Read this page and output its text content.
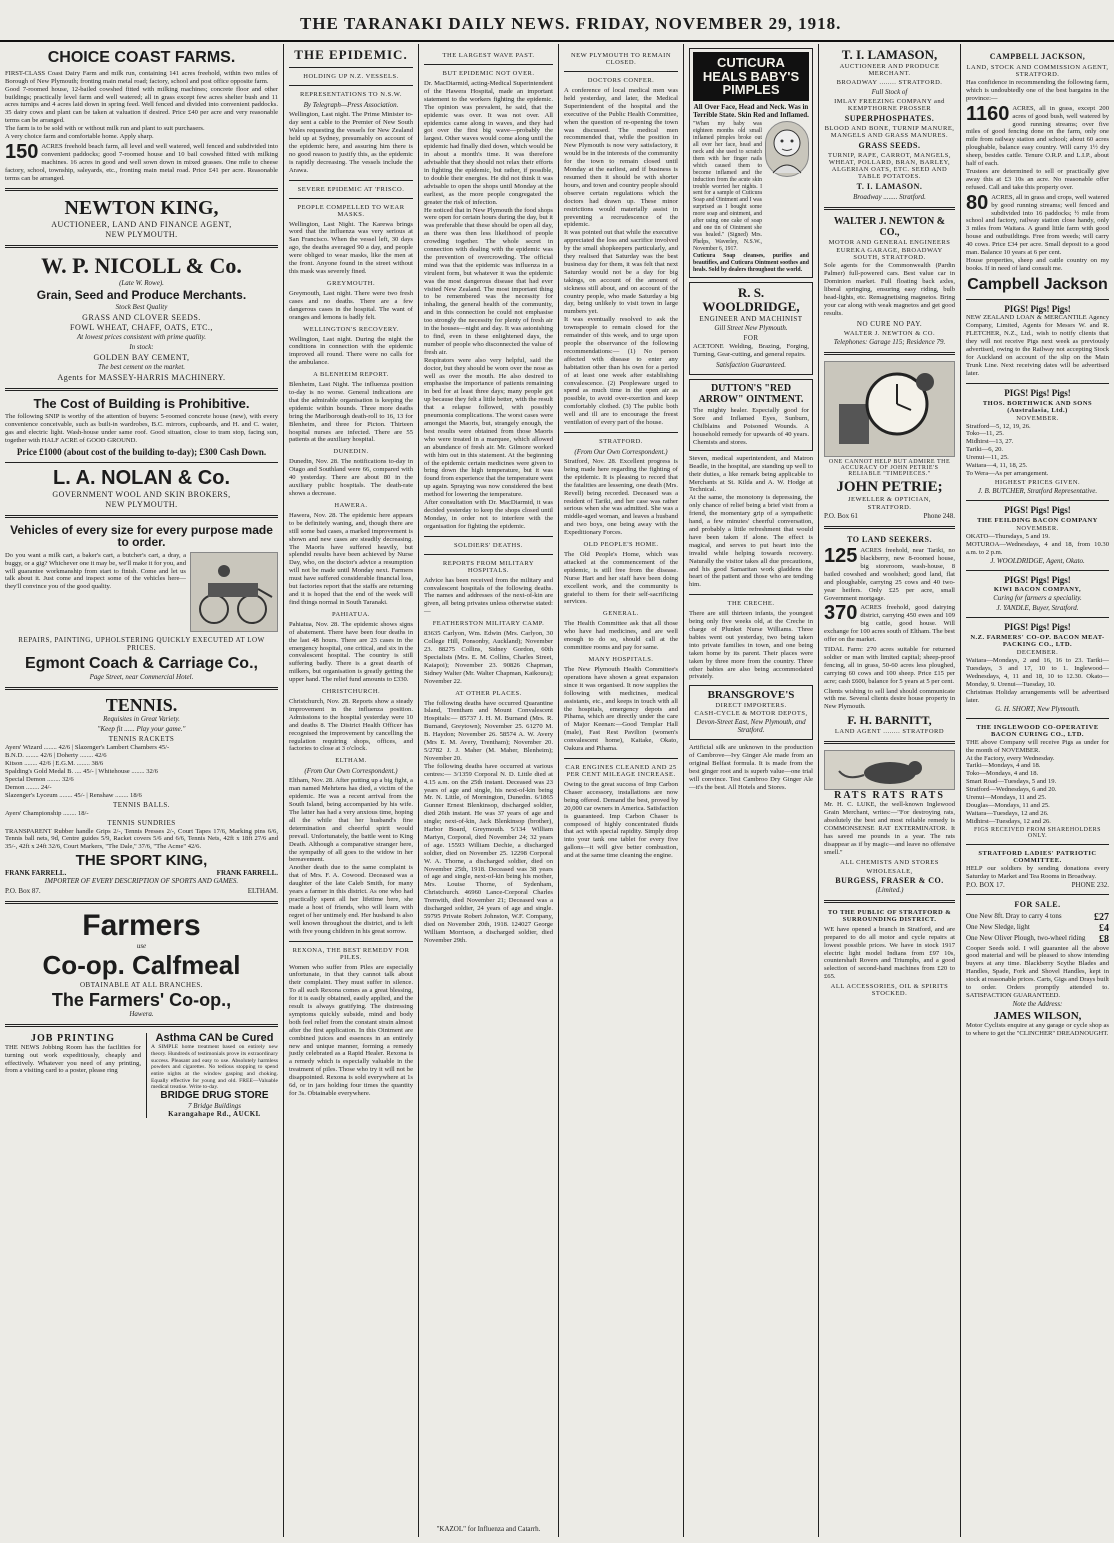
THE TARANAKI DAILY NEWS. FRIDAY, NOVEMBER 29, 1918.
CHOICE COAST FARMS.
FIRST-CLASS Coast Dairy Farm and milk run, containing 141 acres freehold, within two miles of Borough of New Plymouth; fronting main metal road; factory, school and post office opposite farm.
Good 7-roomed house, 12-bailed cowshed fitted with milking machines; concrete floor and other buildings; practically level farm and well watered; all in grass except few acres shelter bush and 11 acres turnips and 4 acres laid down in spring feed. Well fenced and divided into convenient paddocks. 35 dairy cows and plant can be taken at valuation if desired. Price £40 per acre and very reasonable terms can be arranged.
The farm is to be sold with or without milk run and plant to suit purchasers.
A very choice farm and comfortable home. Apply sharp.
150 ACRES freehold beach farm, all level and well watered, well fenced and subdivided into convenient paddocks; good 7-roomed house and 10 bail cowshed fitted with milking machines. 16 acres in good and well sown down in mixed grasses. One mile to cheese factory, school, township, saleyards, etc., fronting main metal road. Price £41 per acre. Reasonable terms can be arranged.
NEWTON KING,
AUCTIONEER, LAND AND FINANCE AGENT,
NEW PLYMOUTH.
W. P. NICOLL & Co.
(Late W. Rowe).
Grain, Seed and Produce Merchants.
Stock Best Quality
GRASS AND CLOVER SEEDS.
FOWL WHEAT, CHAFF, OATS, ETC.,
At lowest prices consistent with prime quality.
In stock:
GOLDEN BAY CEMENT,
The best cement on the market.
Agents for MASSEY-HARRIS MACHINERY.
The Cost of Building is Prohibitive.
The following SNIP is worthy of the attention of buyers: 5-roomed concrete house (new), with every convenience conceivable, such as built-in wardrobes, B.C. mirrors, cupboards, and H. and C. water, gas and electric light. Wash-house under same roof. Good situation, close to tram stop, facing sun, together with HALF ACRE of GOOD GROUND.
Price £1000 (about cost of the building to-day); £300 Cash Down.
L. A. NOLAN & Co.
GOVERNMENT WOOL AND SKIN BROKERS,
NEW PLYMOUTH.
Vehicles of every size for every purpose made to order.
Do you want a milk cart, a baker's cart, a butcher's cart, a dray, a buggy, or a gig? Whichever one it may be, we'll make it for you, and will guarantee workmanship from start to finish. Come and let us talk about it. Just come and inspect some of the vehicles here—they'll convince you of the good quality.
REPAIRS, PAINTING, UPHOLSTERING QUICKLY EXECUTED AT LOW PRICES.
Egmont Coach & Carriage Co.,
Page Street, near Commercial Hotel.
TENNIS.
Requisites in Great Variety.
"Keep fit ...... Play your game."
TENNIS RACKETS
Ayers' Wizard ........ 42/6 | Slazenger's Lambert Chambers 45/-
B.N.D. ........ 42/6 | Doherty ........ 42/6
Kitson ........ 42/6 | E.G.M. ........ 38/6
Spalding's Gold Medal B. .... 45/- | Whitehouse ........ 32/6
Special Demon ........ 32/6
Demon ........ 24/-
Slazenger's Lyceum ........ 45/- | Renshaw ........ 18/6
TENNIS BALLS.
Ayers' Championship ........ 18/-
TENNIS SUNDRIES
TRANSPARENT Rubber handle Grips 2/-, Tennis Presses 2/-, Court Tapes 17/6, Marking pins 6/6, Tennis ball nets, 9d, Centre guides 5/9, Racket covers 5/6 and 6/6, Tennis Nets, 42ft x 18ft 27/6 and 35/-, 42ft x 24ft 32/6, Court Markers, "The Dale," 37/6, "The Acme" 42/6.
THE SPORT KING,
FRANK FARRELL.	FRANK FARRELL.
IMPORTER OF EVERY DESCRIPTION OF SPORTS AND GAMES.
P.O. Box 87.	ELTHAM.
Farmers
use
Co-op. Calfmeal
OBTAINABLE AT ALL BRANCHES.
The Farmers' Co-op.,
Hawera.
JOB PRINTING
THE NEWS Jobbing Room has the facilities for turning out work expeditiously, cheaply and effectively. Whatever you need of any printing, from a visiting card to a poster, please ring
Asthma CAN be Cured
A SIMPLE home treatment based on entirely new theory. Hundreds of testimonials prove its extraordinary success. Pleasant and easy to use. Absolutely harmless powders and cigarettes. No tedious stopping to spend entire nights at the window gasping and choking. Equally effective for young and old. FREE—Valuable medical treatise. Write to-day.
BRIDGE DRUG STORE
7 Bridge Buildings
Karangahape Rd., AUCKL
THE EPIDEMIC.
HOLDING UP N.Z. VESSELS.
REPRESENTATIONS TO N.S.W.
By Telegraph—Press Association.
Wellington, Last night. The Prime Minister to-day sent a cable to the Premier of New South Wales requesting the vessels for New Zealand held up at Sydney, presumably on account of the epidemic here, and assuring him there is no good reason to justify this, as the epidemic is rapidly decreasing. The vessels include the Arawa.
SEVERE EPIDEMIC AT 'FRISCO.
PEOPLE COMPELLED TO WEAR MASKS.
Wellington, Last Night. The Karewa brings word that the influenza was very serious at San Francisco. When the vessel left, 30 days ago, the deaths averaged 90 a day, and people were obliged to wear masks, like the men at the front. Anyone found in the street without this mask was severely fined.
GREYMOUTH.
Greymouth, Last night. There were two fresh cases and no deaths. There are a few dangerous cases in the hospital. The want of oranges and lemons is badly felt.
WELLINGTON'S RECOVERY.
Wellington, Last night. During the night the conditions in connection with the epidemic improved all round. There were no calls for the ambulance.
A BLENHEIM REPORT.
Blenheim, Last Night. The influenza position to-day is no worse. General indications are that the admirable organisation is keeping the epidemic within bounds. Three more deaths bring the Marlborough death-roll to 16, 13 for Blenheim, and three for Picton. Thirteen hospital nurses are infected. There are 55 patients at the auxiliary hospital.
DUNEDIN.
Dunedin, Nov. 28. The notifications to-day in Otago and Southland were 66, compared with 40 yesterday. There are about 80 in the auxiliary public hospitals. The death-rate shows a decrease.
HAWERA.
Hawera, Nov. 28. The epidemic here appears to be definitely waning, and, though there are still some bad cases, a marked improvement is shown and new cases are steadily decreasing. The Maoris have suffered heavily, but splendid results have been achieved by Nurse Day, who, on the doctor's advice a resumption will not be made until Monday next. Farmers must have suffered considerable financial loss, but factories report that the staffs are returning and it is hoped that the end of the week will find things normal in South Taranaki.
PAHIATUA.
Pahiatua, Nov. 28. The epidemic shows signs of abatement. There have been four deaths in the last 48 hours. There are 23 cases in the emergency hospital, one critical, and six in the convalescent hospital. The country is still suffering badly. There is a great dearth of milkers, but organisation is greatly getting the upper hand. The relief fund amounts to £330.
CHRISTCHURCH.
Christchurch, Nov. 28. Reports show a steady improvement in the influenza position. Admissions to the hospital yesterday were 10 and deaths 8. The District Health Officer has recognised the improvement by cancelling the regulation requiring shops, offices, and factories to close at 3 o'clock.
ELTHAM.
(From Our Own Correspondent.)
Eltham, Nov. 28. After putting up a big fight, a man named Mehrtens has died, a victim of the epidemic. He was a recent arrival from the South Island, being accompanied by his wife. The latter has had a very anxious time, hoping all the while that her husband's fine determination and cheerful spirit would prevail. Unfortunately, the battle went to King Death. Although a comparative stranger here, the sympathy of all goes to the widow in her bereavement.
Another death due to the same complaint is that of Mrs. F. A. Cowood. Deceased was a daughter of the late Caleb Smith, for many years a farmer in this district. As one who had practically spent all her lifetime here, she made a host of friends, who will learn with regret of her untimely end. Her husband is also well known throughout the district, and is left with five young children in his great sorrow.
REXONA, THE BEST REMEDY FOR PILES.
Women who suffer from Piles are especially unfortunate, in that they cannot talk about their complaint. They must suffer in silence. To all such Rexona comes as a great blessing, for it is easily obtained, easily applied, and the result is always gratifying. The distressing symptoms quickly subside, mind and body both feel relief from the constant strain almost after the first application. In this Ointment are combined juices and essences in an entirely new and unique manner, forming a remedy justly celebrated as a Rapid Healer. Rexona is a remedy which is especially valuable in the treatment of piles. Those who try it will not be disappointed. Rexona is sold everywhere at 1s 6d, or in jars holding four times the quantity for 3s. Obtainable everywhere.
THE LARGEST WAVE PAST.
BUT EPIDEMIC NOT OVER.
Dr. MacDiarmid, acting-Medical Superintendent of the Hawera Hospital, made an important statement to the workers fighting the epidemic. The opinion was prevalent, he said, that the epidemic was over. It was not over. All epidemics came along in waves, and they had got over the first big wave—probably the largest. Other waves would come along until the epidemic had finally died down, which would be in about a month's time. It was therefore advisable that they should not relax their efforts in fighting the epidemic, but rather, if possible, to double their energies. He did not think it was advisable to open the shops until Monday at the earliest, as the more people congregated the greater the risk of infection.
He noticed that in New Plymouth the food shops were open for certain hours during the day, but it was preferable that these should be open all day, as there was then less likelihood of people crowding together. The whole secret in connection with dealing with the epidemic was the prevention of overcrowding. The official mind was that the epidemic was influenza in a virulent form, but whatever it was the epidemic was the most dangerous disease that had ever visited New Zealand. The most important thing to be remembered was the necessity for inhaling, the general health of the community, and in this connection he could not emphasise too strongly the necessity for plenty of fresh air in the houses—night and day. It was astonishing to find, even in these enlightened days, the number of people who disconnected the value of fresh air.
Respirators were also very helpful, said the doctor, but they should be worn over the nose as well as over the mouth. He also desired to emphasise the importance of patients remaining in bed for at least three days; many people got up because they felt a little better, with the result that a relapse followed, with possibly pneumonia complications. The worst cases were amongst the Maoris, but, strangely enough, the best results were obtained from those Maoris who were treated in a marquee, which allowed an abundance of fresh air. Mr. Gilmore worked with him out in this statement. At the beginning of the epidemic certain medicines were given to bring down the high temperature, but it was found from experience that the temperature went up again. Spraying was now considered the best method for lowering the temperature.
After consultation with Dr. MacDiarmid, it was decided yesterday to keep the shops closed until Monday, in order not to interfere with the organisation for fighting the epidemic.
SOLDIERS' DEATHS.
REPORTS FROM MILITARY HOSPITALS.
Advice has been received from the military and convalescent hospitals of the following deaths. The names and addresses of the next-of-kin are given, all being privates unless otherwise stated:—
FEATHERSTON MILITARY CAMP.
83635 Carlyon, Wm. Edwin (Mrs. Carlyon, 30 College Hill, Ponsonby, Auckland); November 23. 88275 Collins, Sidney Gordon, 60th Specialists (Mrs. E. M. Collins, Charles Street, Kaiapoi); November 23. 90826 Chapman, Sidney Walter (Mr. Walter Chapman, Kaikoura); November 22.
AT OTHER PLACES.
The following deaths have occurred Quarantine Island, Trentham and Mount Convalescent Hospitals:— 85737 J. H. M. Burnand (Mrs. R. Burnand, Greytown); November 25. 61270 M. B. Haydon; November 26. 58574 A. W. Avery (Mrs E. M. Avery, Trentham); November 20. 5/2782 J. J. Maher (M. Maher, Blenheim); November 20.
The following deaths have occurred at various centres:— 3/1359 Corporal N. D. Little died at 4.15 a.m. on the 25th instant. Deceased was 23 years of age and single, his next-of-kin being Mr. N. Little, of Mornington, Dunedin. 6/1865 Gunner Ernest Blenkinsop, discharged soldier, died 26th instant. He was 37 years of age and single; next-of-kin, Jack Blenkinsop (brother), Harbor Board, Greymouth. 5/134 William Martyn, Corporal, died November 24; 32 years of age. 15593 William Dechie, a discharged soldier, died on November 25. 12298 Corporal W. A. Thorne, a discharged soldier, died on November 25th, 1918. Deceased was 38 years of age and single, next-of-kin being his mother, Mrs. Louise Thorne, of Sydenham, Christchurch. 46960 Lance-Corporal Charles Trenwith, died November 21; Deceased was a discharged soldier, 24 years of age and single. 59795 Private Robert Johnston, W.F. Company, died on November 20th, 1918. 124027 George William Morrison, a discharged soldier, died November 29th.
"KAZOL" for Influenza and Catarrh.
NEW PLYMOUTH TO REMAIN CLOSED.
DOCTORS CONFER.
A conference of local medical men was held yesterday, and later, the Medical Superintendent of the hospital and the executive of the Public Health Committee, when the question of re-opening the town was discussed. The medical men recommended that, while the position in New Plymouth is now very satisfactory, it would be in the interests of the community for the town to remain closed until Monday at the earliest, and if business is resumed then it should be with shorter hours, and town and country people should observe certain regulations which the doctors had drawn up. These minor restrictions would materially assist in preventing a recrudescence of the epidemic.
It was pointed out that while the executive appreciated the loss and sacrifice involved by the small shopkeepers particularly, and they realised that Saturday was the best business day for them, it was felt that next Saturday would not be a day for big takings, on account of the amount of sickness still about, and on account of the country people, who made Saturday a big day, being unlikely to visit town in large numbers yet.
It was eventually resolved to ask the townspeople to remain closed for the remainder of this week, and to urge upon people the observance of the following recommendations:— (1) No person affected with disease to enter any habitation other than his own for a period of at least one week after establishing convalescence. (2) Peopleware urged to spend as much time in the open air as possible, to avoid over-exertion and keep comfortably clothed. (3) The public both well and ill are to encourage the freest ventilation of every part of the house.
STRATFORD.
(From Our Own Correspondent.)
Stratford, Nov. 28. Excellent progress is being made here regarding the fighting of the epidemic. It is pleasing to record that the fatalities are lessening, one death (Mrs. Revell) being recorded. Deceased was a resident of Tariki, and her case was rather serious when she was admitted. She was a middle-aged woman, and leaves a husband and two boys, one being away with the Expeditionary Forces.
OLD PEOPLE'S HOME.
The Old People's Home, which was attacked at the commencement of the epidemic, is still free from the disease. Nurse Hart and her staff have been doing excellent work, and the community is grateful to them for their self-sacrificing services.
GENERAL.
The Health Committee ask that all those who have had medicines, and are well enough to do so, should call at the committee rooms and pay for same.
MANY HOSPITALS.
The New Plymouth Health Committee's operations have shown a great expansion since it was organised. It now supplies the following with medicines, medical assistants, etc., and keeps in touch with all the hospitals, emergency depots and Pihama, which are directly under the care of Major Keenan:—Good Templar Hall (male), Fast Rest Pavilion (women's convalescent home), Kaitake, Okato, Oakura and Pihama.
CAR ENGINES CLEANED AND 25 PER CENT MILEAGE INCREASE.
Owing to the great success of Imp Carbon Chaser accessory, installations are now being offered. Demand the best, proved by 20,000 car owners in America. Satisfaction is guaranteed. Imp Carbon Chaser is composed of highly concentrated fluids that act with special rapidity. Simply drop into your tank one tablet for every five gallons—it will give better combustion, and at the same time cleaning the engine.
CUTICURA HEALS BABY'S PIMPLES
All Over Face, Head and Neck. Was in Terrible State. Skin Red and Inflamed.
"When my baby was eighteen months old small inflamed pimples broke out all over her face, head and neck and she used to scratch them with her finger nails which caused them to become inflamed and the induction from the acute skin trouble worried her nights. I sent for a sample of Cuticura Soap and Ointment and I was surprised as I bought some more soap and ointment, and after using one cake of soap and one tin of Ointment she was healed." (Signed) Mrs. Phelps, Waverley, N.S.W., November 6, 1917.
Cuticura Soap cleanses, purifies and beautifies, and Cuticura Ointment soothes and heals. Sold by dealers throughout the world.
R. S. WOOLDRIDGE,
ENGINEER AND MACHINIST
Gill Street New Plymouth.
FOR
ACETONE Welding, Brazing, Forging, Turning, Gear-cutting, and general repairs.
Satisfaction Guaranteed.
DUTTON'S "RED ARROW" OINTMENT.
The mighty healer. Especially good for Sore and Inflamed Eyes, Sunburn, Chilblains and Poisoned Wounds. A household remedy for upwards of 40 years. Chemists and stores.
Steven, medical superintendent, and Matron Beadle, in the hospital, are standing up well to their duties, a like remark being applicable to Merchants at St. Kilda and A. W. Hodge at Technical.
At the same, the monotony is depressing, the only chance of relief being a brief visit from a friend, the momentary grip of a sympathetic hand, a few minutes' cheerful conversation, and probably a little refreshment that would have been taken if alone. The effect is magical, and serves to put heart into the invalid while helping towards recovery. Naturally the visitor takes all due precautions, and his good Samaritan work gladdens the heart of the patient and those who are tending him.
THE CRECHE.
There are still thirteen infants, the youngest being only five weeks old, at the Creche in charge of Plunket Nurse Williams. Three babies went out yesterday, two being taken into private families in town, and one being taken home by its parent. Their places were taken by three more from the country. Three other babies are also being accommodated privately.
BRANSGROVE'S
DIRECT IMPORTERS.
CASH-CYCLE & MOTOR DEPOTS,
Devon-Street East, New Plymouth, and Stratford.
Artificial silk are unknown in the production of Cambrove—Ivy Ginger Ale made from an original Belfast formula. It is made from the best ginger root and is superb value—one trial will convince. Test Cambroo Dry Ginger Ale—it's the best. All Hotels and Stores.
T. I. LAMASON,
AUCTIONEER AND PRODUCE MERCHANT.
BROADWAY ........ STRATFORD.
Full Stock of
IMLAY FREEZING COMPANY and KEMPTHORNE PROSSER
SUPERPHOSPHATES.
BLOOD AND BONE, TURNIP MANURE, MANGELS AND GRASS MANURES.
GRASS SEEDS.
TURNIP, RAPE, CARROT, MANGELS, WHEAT, POLLARD, BRAN, BARLEY, ALGERIAN OATS, ETC. SEED AND TABLE POTATOES.
T. I. LAMASON.
Broadway ........ Stratford.
WALTER J. NEWTON & CO.,
MOTOR AND GENERAL ENGINEERS
EUREKA GARAGE, BROADWAY SOUTH, STRATFORD.
Sole agents for the Commonwealth (Pardin Palmer) full-powered cars. Best value car in Dominion market. Full floating back axles, liberal springing, ensuring easy riding, bulb head-lights, etc. Remagnetising magnetos. Bring your car along with weak magnetos and get good results.
NO CURE NO PAY.
WALTER J. NEWTON & CO.
Telephones: Garage 115; Residence 79.
ONE CANNOT HELP BUT ADMIRE THE ACCURACY OF JOHN PETRIE'S RELIABLE "TIMEPIECES."
JOHN PETRIE;
JEWELLER & OPTICIAN,
STRATFORD.
P.O. Box 61	Phone 248.
TO LAND SEEKERS.
125 ACRES freehold, near Tariki, no blackberry, new 8-roomed house, big storeroom, wash-house, 8 bailed cowshed and woolshed; good land, flat and ploughable, carrying 25 cows and 40 two-year heifers. Only £25 per acre, small Government mortgage.
370 ACRES freehold, good dairying district, carrying 450 ewes and 109 big cattle, good house. Will exchange for 100 acres south of Eltham. The best offer on the market.
TIDAL Farm: 270 acres suitable for returned soldier or man with limited capital; sheep-proof fencing, all in grass, 50-60 acres less ploughed, carrying 60 cows and 100 sheep. Price £15 per acre; cash £600, balance for 5 years at 5 per cent.
Clients wishing to sell land should communicate with me. Several clients desire house property in New Plymouth.
F. H. BARNITT,
LAND AGENT ........ STRATFORD
RATS RATS RATS
Mr. H. C. LUKE, the well-known Inglewood Grain Merchant, writes:—"For destroying rats, absolutely the best and most reliable remedy is COMMONSENSE RAT EXTERMINATOR. It has saved me pounds in a year. The rats disappear as if by magic—and leave no offensive smell."
ALL CHEMISTS AND STORES
WHOLESALE,
BURGESS, FRASER & CO.
(Limited.)
TO THE PUBLIC OF STRATFORD & SURROUNDING DISTRICT.
WE have opened a branch in Stratford, and are prepared to do all motor and cycle repairs at lowest possible prices. We have in stock 1917 electric light model Indians from £97 10s, countershaft Rovers and Triumphs, and a good selection of second-hand machines from £20 to £65.
ALL ACCESSORIES, OIL & SPIRITS STOCKED.
CAMPBELL JACKSON,
LAND, STOCK AND COMMISSION AGENT, STRATFORD.
Has confidence in recommending the following farm, which is undoubtedly one of the best bargains in the province:—
1160 ACRES, all in grass, except 200 acres of good bush, well watered by good running streams; over five miles of good fencing done on the farm, only one mile from railway station and school; about 60 acres ploughable, balance easy country. Will carry 1½ dry sheep, besides cattle. Tenure O.R.P. and L.I.P., about half of each.
Trustees are determined to sell or practically give away this at £3 10s an acre. No reasonable offer refused. Call and take this property over.
80 ACRES, all in grass and crops, well watered by good running streams; well fenced and subdivided into 16 paddocks; ½ mile from school and factory, railway station close handy, only 3 miles from Waitara. A grand little farm with good house and outbuildings. Free from weeds; will carry 40 cows. Price £34 per acre. Small deposit to a good man. Balance 10 years at 6 per cent.
House properties, sheep and cattle country on my books. If in need of land consult me.
Campbell Jackson
PIGS! Pigs! Pigs!
NEW ZEALAND LOAN & MERCANTILE Agency Company, Limited, Agents for Messrs W. and R. FLETCHER, N.Z., Ltd., wish to notify clients that they will not receive Pigs next week as previously advertised, owing to the Railway not accepting Stock for Auckland on account of the slip on the Main Trunk Line. Next receiving dates will be advertised later.
PIGS! Pigs! Pigs!
THOS. BORTHWICK AND SONS (Australasia, Ltd.)
NOVEMBER.
Stratford—5, 12, 19, 26.
Toko—11, 25.
Midhirst—13, 27.
Tariki—6, 20.
Urenui—11, 25.
Waitara—4, 11, 18, 25.
To Wera—As per arrangement.
HIGHEST PRICES GIVEN.
J. B. BUTCHER, Stratford Representative.
PIGS! Pigs! Pigs!
THE FEILDING BACON COMPANY
NOVEMBER.
OKATO—Thursdays, 5 and 19.
MOTUROA—Wednesdays, 4 and 18, from 10.30 a.m. to 2 p.m.
J. WOOLDRIDGE, Agent, Okato.
PIGS! Pigs! Pigs!
KIWI BACON COMPANY,
Curing for farmers a speciality.
J. YANDLE, Buyer, Stratford.
PIGS! Pigs! Pigs!
N.Z. FARMERS' CO-OP. BACON MEAT-PACKING CO., LTD.
DECEMBER.
Waitara—Mondays, 2 and 16, 16 to 23. Tariki—Tuesdays, 3 and 17, 10 to 1. Inglewood—Wednesdays, 4, 11 and 18, 10 to 12.30. Okato—Monday, 9. Urenui—Tuesday, 10.
Christmas Holiday arrangements will be advertised later.
G. H. SHORT, New Plymouth.
THE INGLEWOOD CO-OPERATIVE BACON CURING CO., LTD.
THE above Company will receive Pigs as under for the month of NOVEMBER.
At the Factory, every Wednesday.
Tariki—Mondays, 4 and 18.
Toko—Mondays, 4 and 18.
Smart Road—Tuesdays, 5 and 19.
Stratford—Wednesdays, 6 and 20.
Urenui—Mondays, 11 and 25.
Douglas—Mondays, 11 and 25.
Waitara—Tuesdays, 12 and 26.
Midhirst—Tuesdays, 12 and 26.
FIGS RECEIVED FROM SHAREHOLDERS ONLY.
STRATFORD LADIES' PATRIOTIC COMMITTEE.
HELP our soldiers by sending donations every Saturday to Market and Tea Rooms in Broadway.
P.O. BOX 17.	PHONE 232.
FOR SALE.
One New 8ft. Dray to carry 4 tons	£27
One New Sledge, light	£4
One New Oliver Plough, two-wheel riding £8
Cooper Seeds sold. I will guarantee all the above good material and will be pleased to show intending buyers at any time. Blackberry Scythe Blades and Handles, Spade, Fork and Shovel Handles, kept in stock at reasonable prices. Carts, Gigs and Drays built to order. Orders promptly attended to. SATISFACTION GUARANTEED.
Note the Address:
JAMES WILSON,
Motor Cyclists enquire at any garage or cycle shop as to where to get the "CLINCHER" DREADNOUGHT.
